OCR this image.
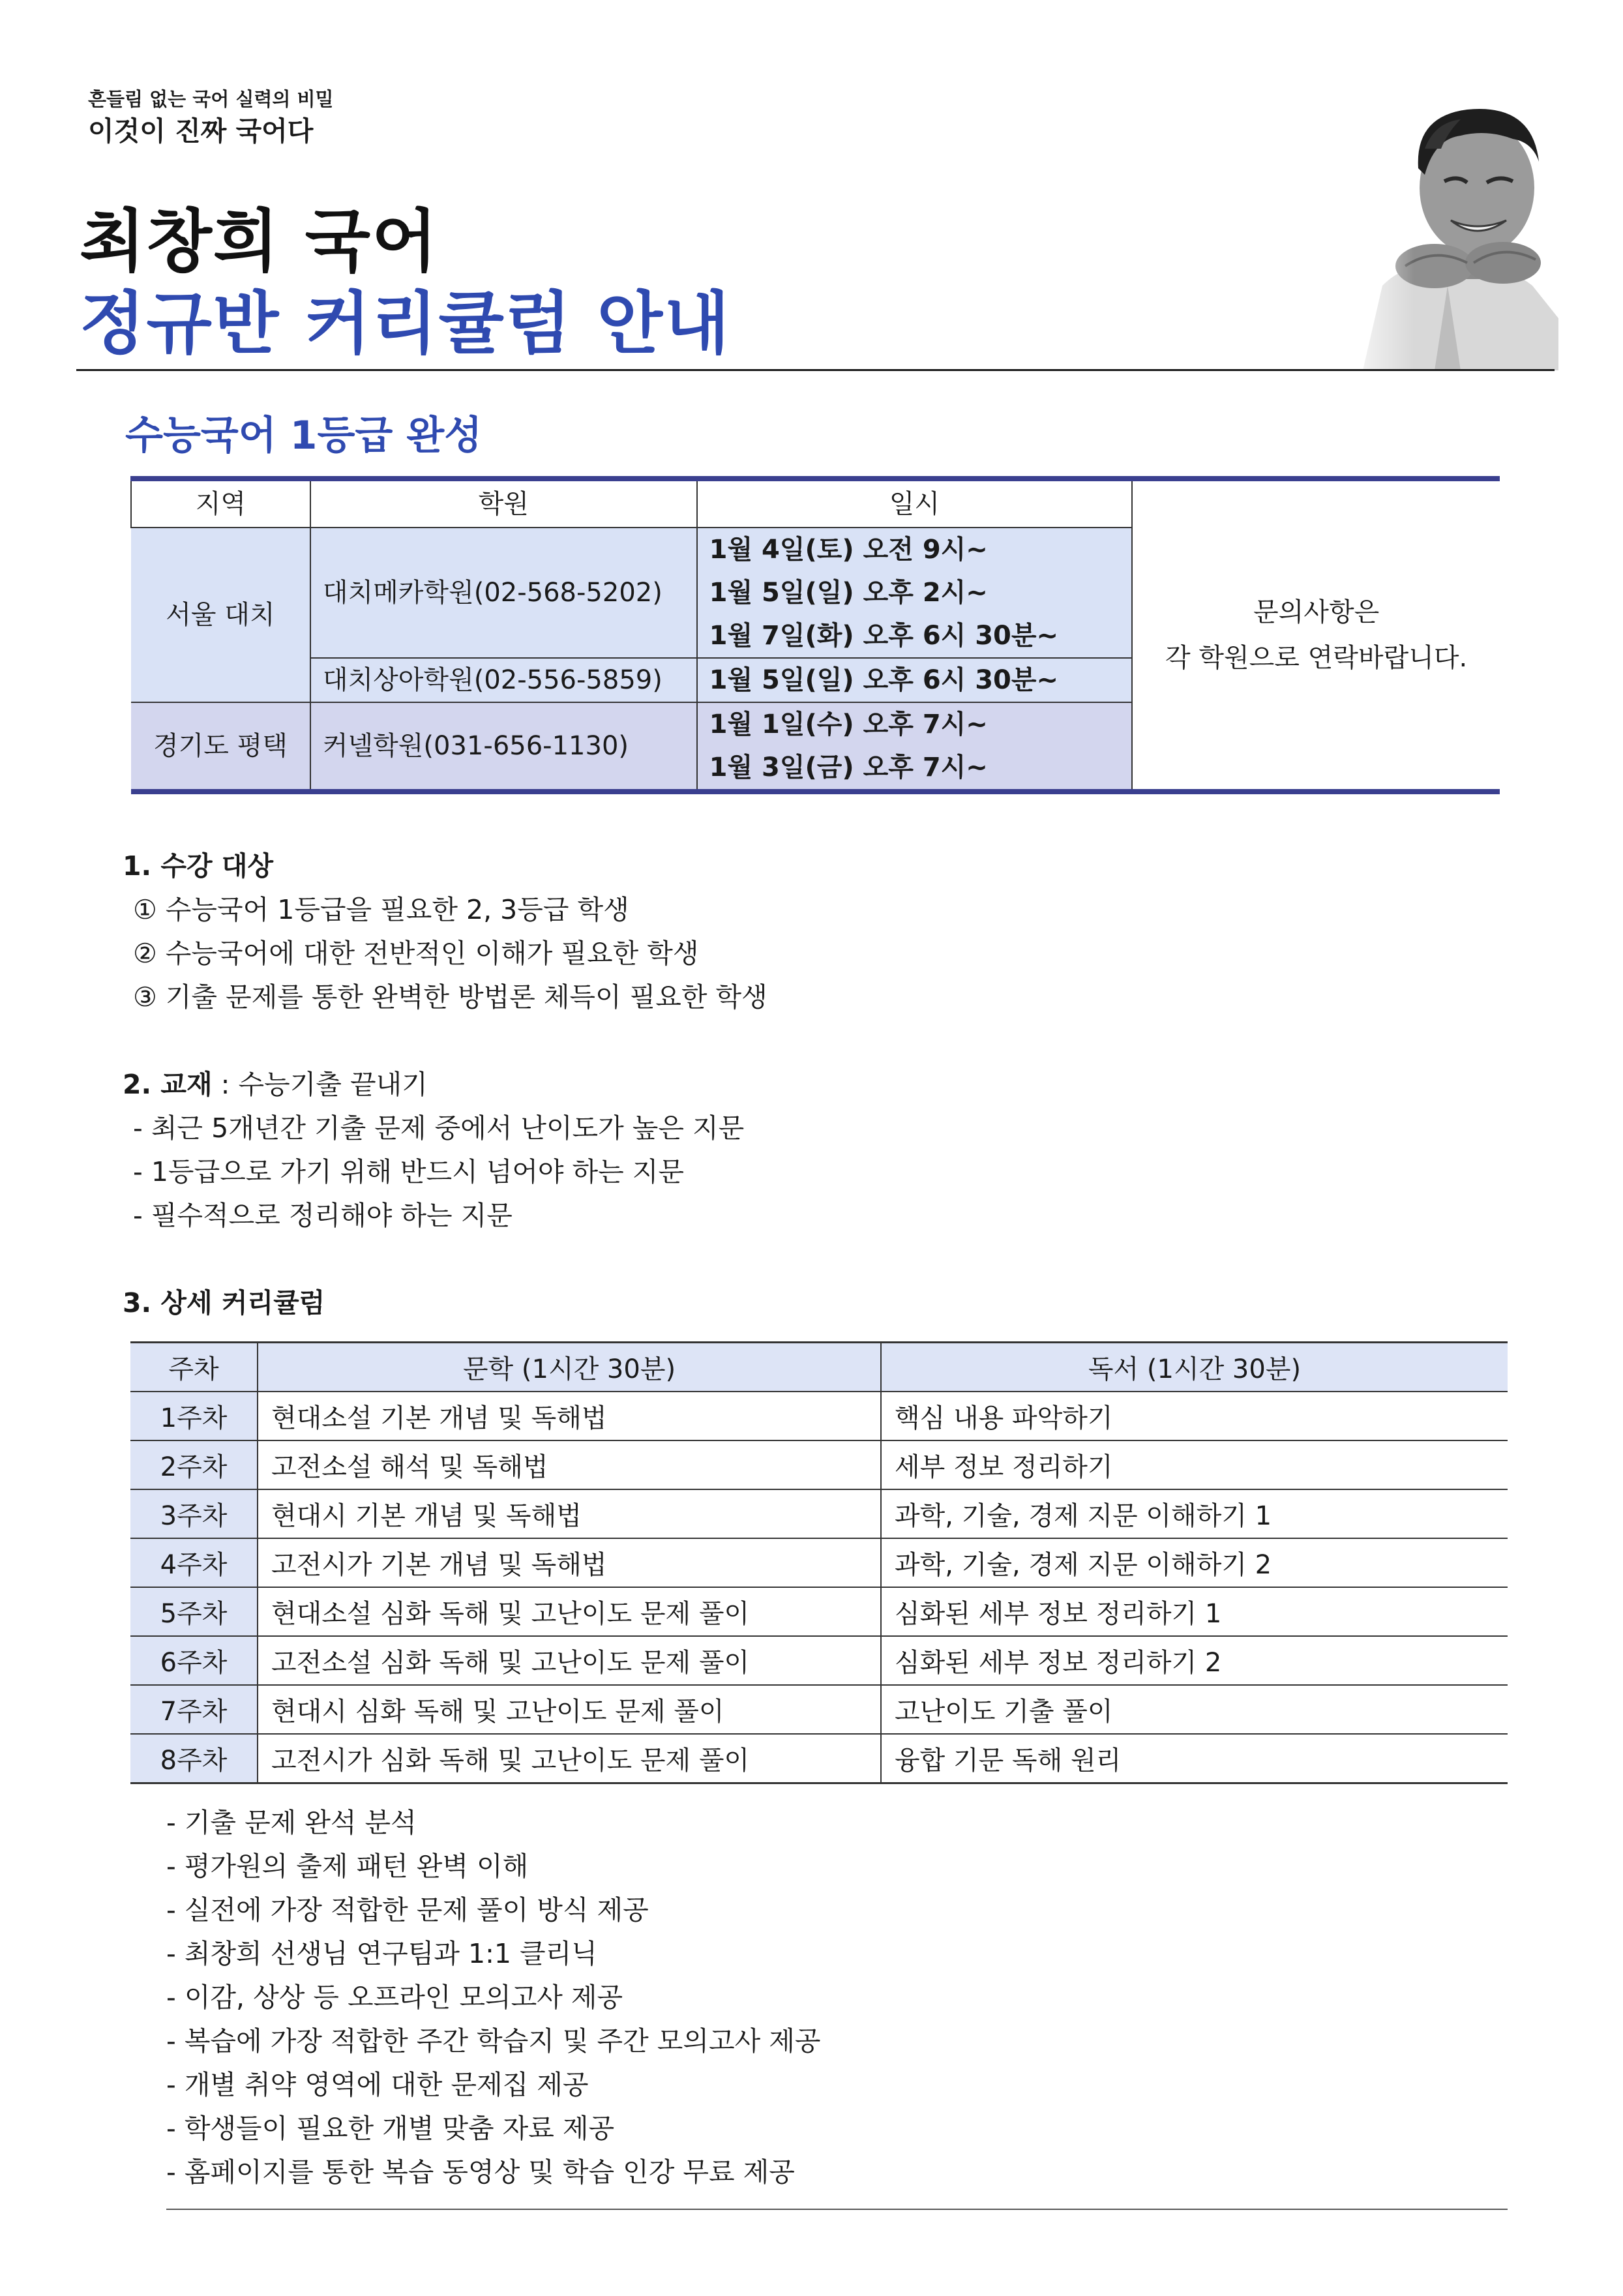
흔들림 없는 국어 실력의 비밀
이것이 진짜 국어다
최창희 국어
정규반 커리큘럼 안내
수능국어 1등급 완성
지역	학원	일시	문의사항은
각 학원으로 연락바랍니다.

서울 대치	대치메카학원(02-568-5202)	1월 4일(토) 오전 9시~
1월 5일(일) 오후 2시~
1월 7일(화) 오후 6시 30분~	

	대치상아학원(02-556-5859)	1월 5일(일) 오후 6시 30분~	

경기도 평택	커넬학원(031-656-1130)	1월 1일(수) 오후 7시~
1월 3일(금) 오후 7시~	
1. 수강 대상
① 수능국어 1등급을 필요한 2, 3등급 학생
② 수능국어에 대한 전반적인 이해가 필요한 학생
③ 기출 문제를 통한 완벽한 방법론 체득이 필요한 학생
2. 교재 : 수능기출 끝내기
- 최근 5개년간 기출 문제 중에서 난이도가 높은 지문
- 1등급으로 가기 위해 반드시 넘어야 하는 지문
- 필수적으로 정리해야 하는 지문
3. 상세 커리큘럼
주차	문학 (1시간 30분)	독서 (1시간 30분)
1주차	현대소설 기본 개념 및 독해법	핵심 내용 파악하기
2주차	고전소설 해석 및 독해법	세부 정보 정리하기
3주차	현대시 기본 개념 및 독해법	과학, 기술, 경제 지문 이해하기 1
4주차	고전시가 기본 개념 및 독해법	과학, 기술, 경제 지문 이해하기 2
5주차	현대소설 심화 독해 및 고난이도 문제 풀이	심화된 세부 정보 정리하기 1
6주차	고전소설 심화 독해 및 고난이도 문제 풀이	심화된 세부 정보 정리하기 2
7주차	현대시 심화 독해 및 고난이도 문제 풀이	고난이도 기출 풀이
8주차	고전시가 심화 독해 및 고난이도 문제 풀이	융합 기문 독해 원리
- 기출 문제 완석 분석
- 평가원의 출제 패턴 완벽 이해
- 실전에 가장 적합한 문제 풀이 방식 제공
- 최창희 선생님 연구팀과 1:1 클리닉
- 이감, 상상 등 오프라인 모의고사 제공
- 복습에 가장 적합한 주간 학습지 및 주간 모의고사 제공
- 개별 취약 영역에 대한 문제집 제공
- 학생들이 필요한 개별 맞춤 자료 제공
- 홈페이지를 통한 복습 동영상 및 학습 인강 무료 제공
